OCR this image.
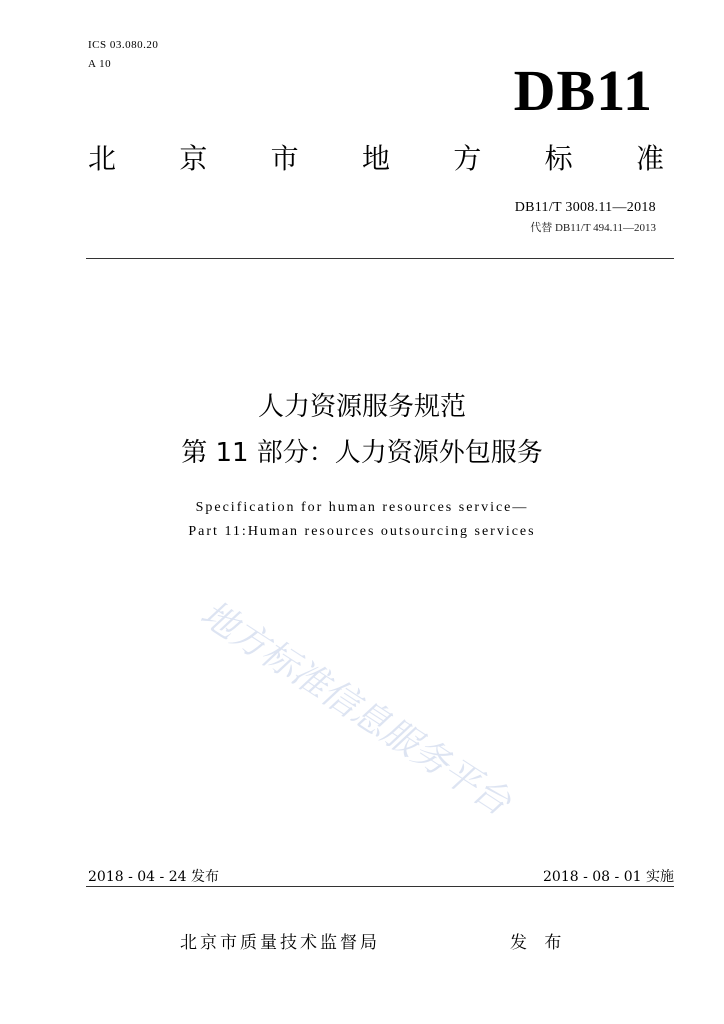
ICS 03.080.20
A 10	DB11
北 京 市 地 方 标 准
DB11/T 3008.11—2018
代替 DB11/T 494.11—2013
人力资源服务规范
第 11 部分：人力资源外包服务
Specification for human resources service—
Part 11:Human resources outsourcing services
地方标准信息服务平台
2018 - 04 - 24 发布	2018 - 08 - 01 实施
北京市质量技术监督局	发 布
